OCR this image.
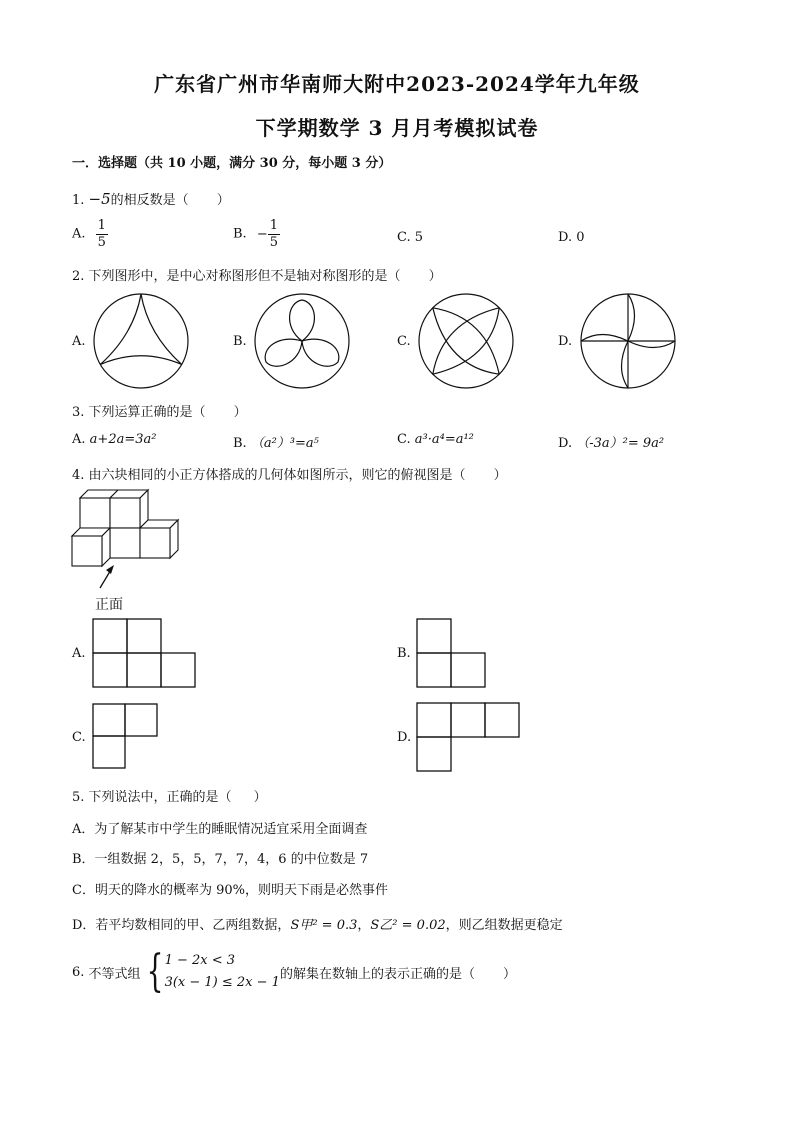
广东省广州市华南师大附中2023-2024学年九年级
下学期数学 3 月月考模拟试卷
一．选择题（共 10 小题，满分 30 分，每小题 3 分）
1. −5的相反数是（ ）
A. $\frac{1}{5}$	B. − $\frac{1}{5}$	C. 5	D. 0
2. 下列图形中，是中心对称图形但不是轴对称图形的是（ ）
A.	B.	C.	D.
3. 下列运算正确的是（ ）
A. a+2a=3a²	B. （a²）³=a⁵	C. a³·a⁴=a¹²	D. （-3a）²= 9a²
4. 由六块相同的小正方体搭成的几何体如图所示，则它的俯视图是（ ）
正面
A.	B.
C.	D.
5. 下列说法中，正确的是（ ）
A．为了解某市中学生的睡眠情况适宜采用全面调查
B．一组数据 2，5，5，7，7，4，6 的中位数是 7
C．明天的降水的概率为 90%，则明天下雨是必然事件
D．若平均数相同的甲、乙两组数据，S甲² = 0.3，S乙² = 0.02，则乙组数据更稳定
6. 不等式组 { 1 − 2x < 3
3(x − 1) ≤ 2x − 1
的解集在数轴上的表示正确的是（ ）
